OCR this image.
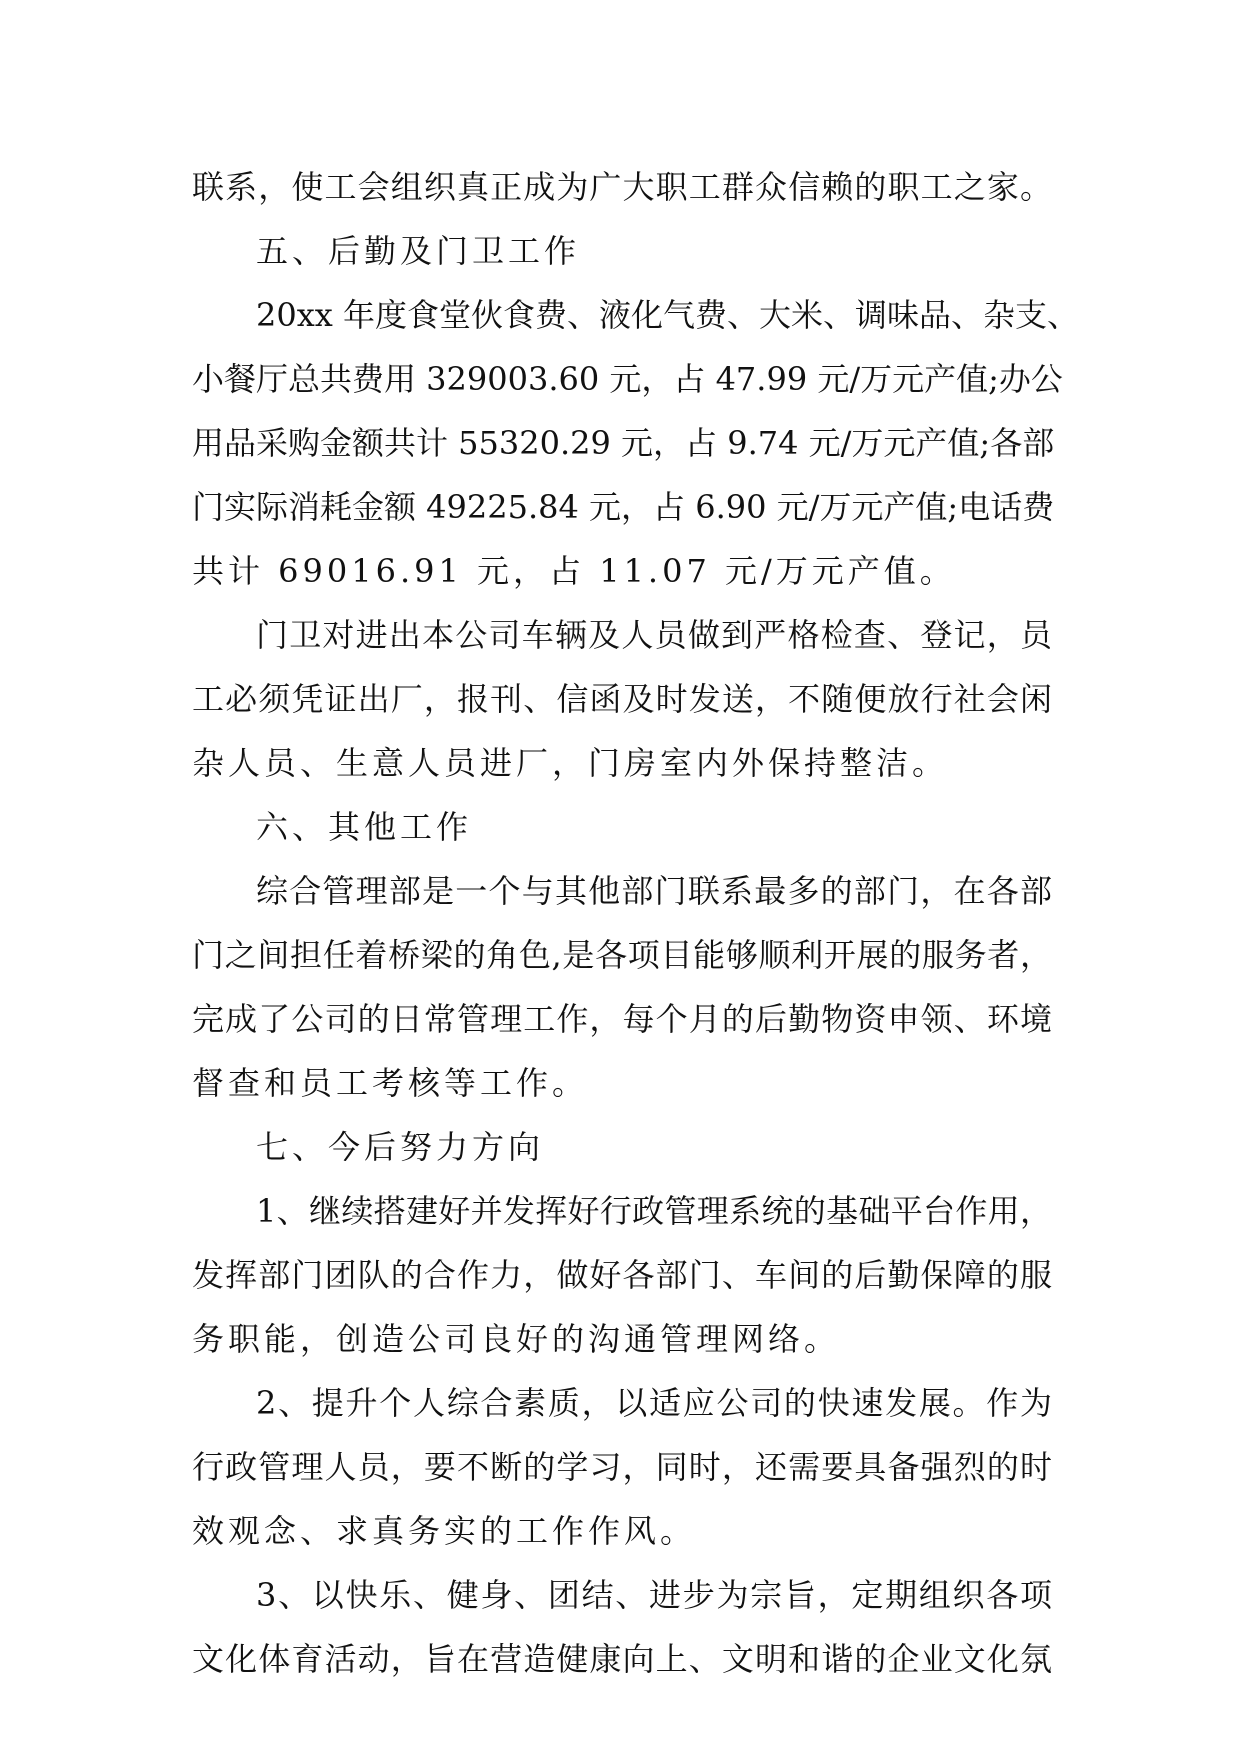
联系，使工会组织真正成为广大职工群众信赖的职工之家。
五、后勤及门卫工作
20xx 年度食堂伙食费、液化气费、大米、调味品、杂支、
小餐厅总共费用 329003.60 元，占 47.99 元/万元产值;办公
用品采购金额共计 55320.29 元，占 9.74 元/万元产值;各部
门实际消耗金额 49225.84 元，占 6.90 元/万元产值;电话费
共计 69016.91 元，占 11.07 元/万元产值。
门卫对进出本公司车辆及人员做到严格检查、登记，员
工必须凭证出厂，报刊、信函及时发送，不随便放行社会闲
杂人员、生意人员进厂，门房室内外保持整洁。
六、其他工作
综合管理部是一个与其他部门联系最多的部门，在各部
门之间担任着桥梁的角色,是各项目能够顺利开展的服务者，
完成了公司的日常管理工作，每个月的后勤物资申领、环境
督查和员工考核等工作。
七、今后努力方向
1、继续搭建好并发挥好行政管理系统的基础平台作用，
发挥部门团队的合作力，做好各部门、车间的后勤保障的服
务职能，创造公司良好的沟通管理网络。
2、提升个人综合素质，以适应公司的快速发展。作为
行政管理人员，要不断的学习，同时，还需要具备强烈的时
效观念、求真务实的工作作风。
3、以快乐、健身、团结、进步为宗旨，定期组织各项
文化体育活动，旨在营造健康向上、文明和谐的企业文化氛
